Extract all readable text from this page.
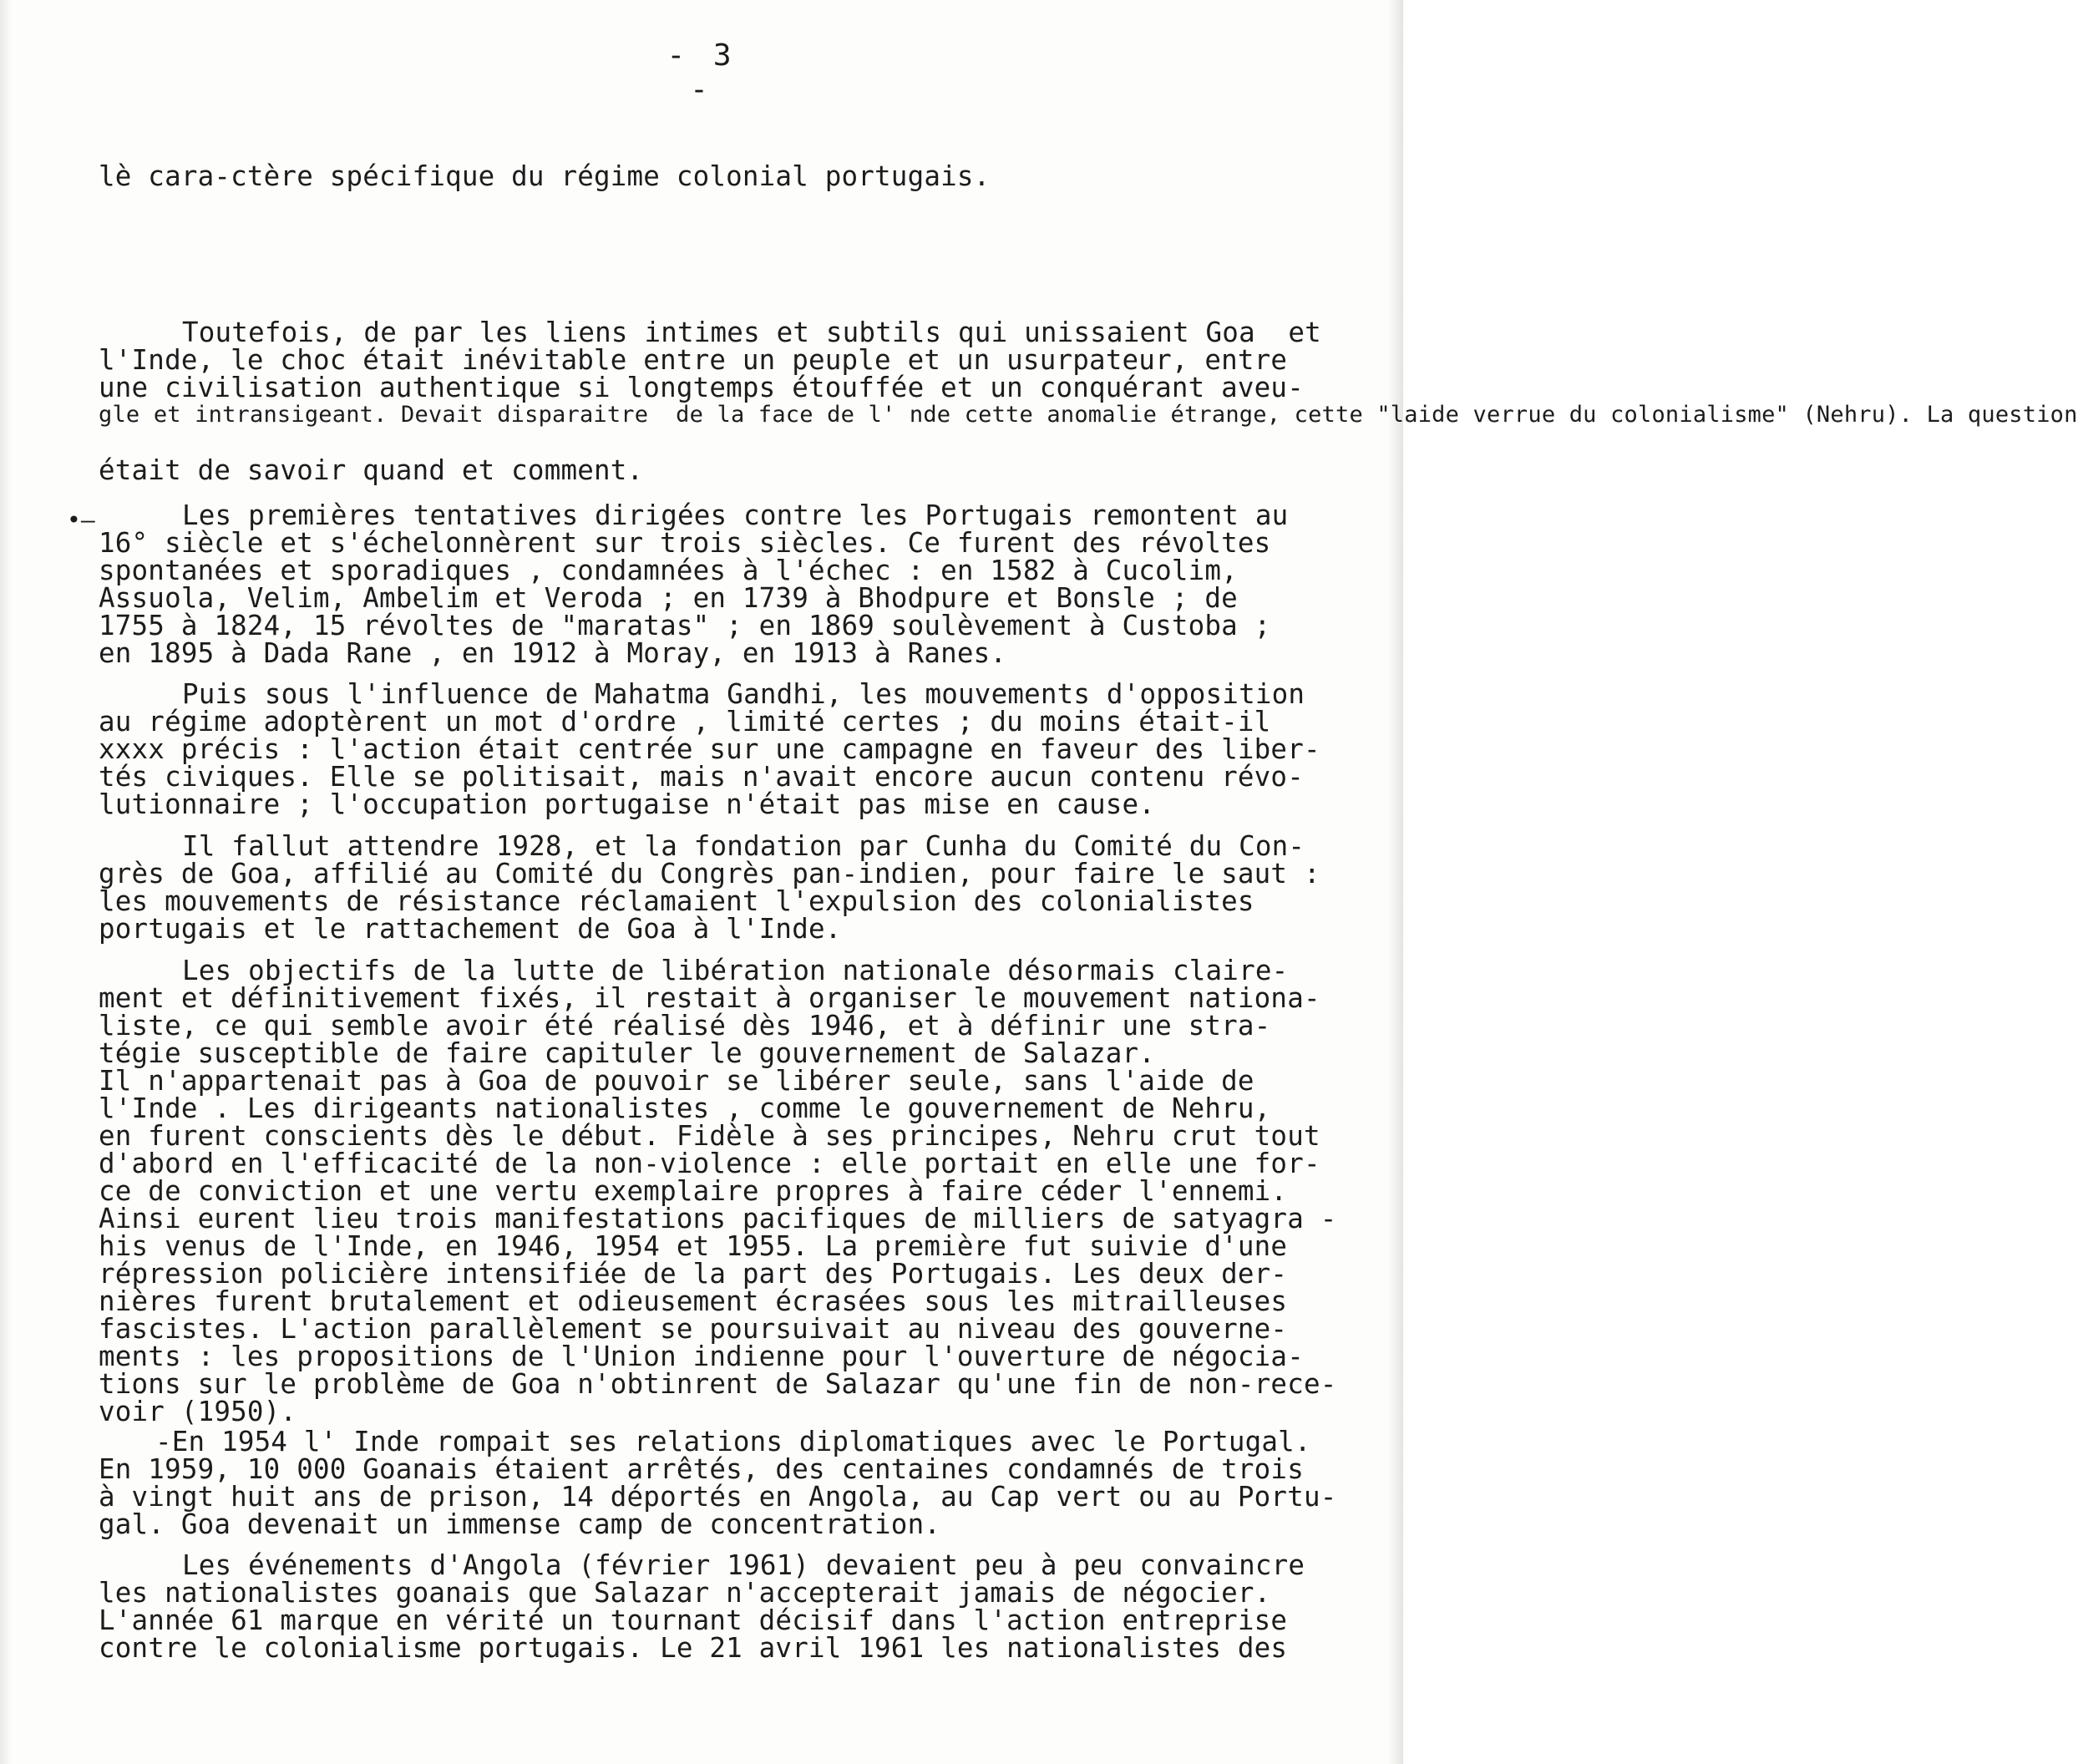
- 3 -
•—
lè cara‐ctère spécifique du régime colonial portugais.
Toutefois, de par les liens intimes et subtils qui unissaient Goa  et
l'Inde, le choc était inévitable entre un peuple et un usurpateur, entre
une civilisation authentique si longtemps étouffée et un conquérant aveu-
gle et intransigeant. Devait disparaitre  de la face de l' nde cette anomalie étrange, cette "laide verrue du colonialisme" (Nehru). La question
était de savoir quand et comment.
Les premières tentatives dirigées contre les Portugais remontent au
16° siècle et s'échelonnèrent sur trois siècles. Ce furent des révoltes
spontanées et sporadiques , condamnées à l'échec : en 1582 à Cucolim,
Assuola, Velim, Ambelim et Veroda ; en 1739 à Bhodpure et Bonsle ; de
1755 à 1824, 15 révoltes de "maratas" ; en 1869 soulèvement à Custoba ;
en 1895 à Dada Rane , en 1912 à Moray, en 1913 à Ranes.
Puis sous l'influence de Mahatma Gandhi, les mouvements d'opposition
au régime adoptèrent un mot d'ordre , limité certes ; du moins était-il
xxxx précis : l'action était centrée sur une campagne en faveur des liber-
tés civiques. Elle se politisait, mais n'avait encore aucun contenu révo-
lutionnaire ; l'occupation portugaise n'était pas mise en cause.
Il fallut attendre 1928, et la fondation par Cunha du Comité du Con-
grès de Goa, affilié au Comité du Congrès pan-indien, pour faire le saut :
les mouvements de résistance réclamaient l'expulsion des colonialistes
portugais et le rattachement de Goa à l'Inde.
Les objectifs de la lutte de libération nationale désormais claire-
ment et définitivement fixés, il restait à organiser le mouvement nationa-
liste, ce qui semble avoir été réalisé dès 1946, et à définir une stra-
tégie susceptible de faire capituler le gouvernement de Salazar.
Il n'appartenait pas à Goa de pouvoir se libérer seule, sans l'aide de
l'Inde . Les dirigeants nationalistes , comme le gouvernement de Nehru,
en furent conscients dès le début. Fidèle à ses principes, Nehru crut tout
d'abord en l'efficacité de la non-violence : elle portait en elle une for-
ce de conviction et une vertu exemplaire propres à faire céder l'ennemi.
Ainsi eurent lieu trois manifestations pacifiques de milliers de satyagra -
his venus de l'Inde, en 1946, 1954 et 1955. La première fut suivie d'une
répression policière intensifiée de la part des Portugais. Les deux der-
nières furent brutalement et odieusement écrasées sous les mitrailleuses
fascistes. L'action parallèlement se poursuivait au niveau des gouverne-
ments : les propositions de l'Union indienne pour l'ouverture de négocia-
tions sur le problème de Goa n'obtinrent de Salazar qu'une fin de non-rece-
voir (1950).
-En 1954 l' Inde rompait ses relations diplomatiques avec le Portugal.
En 1959, 10 000 Goanais étaient arrêtés, des centaines condamnés de trois
à vingt huit ans de prison, 14 déportés en Angola, au Cap vert ou au Portu-
gal. Goa devenait un immense camp de concentration.
Les événements d'Angola (février 1961) devaient peu à peu convaincre
les nationalistes goanais que Salazar n'accepterait jamais de négocier.
L'année 61 marque en vérité un tournant décisif dans l'action entreprise
contre le colonialisme portugais. Le 21 avril 1961 les nationalistes des
